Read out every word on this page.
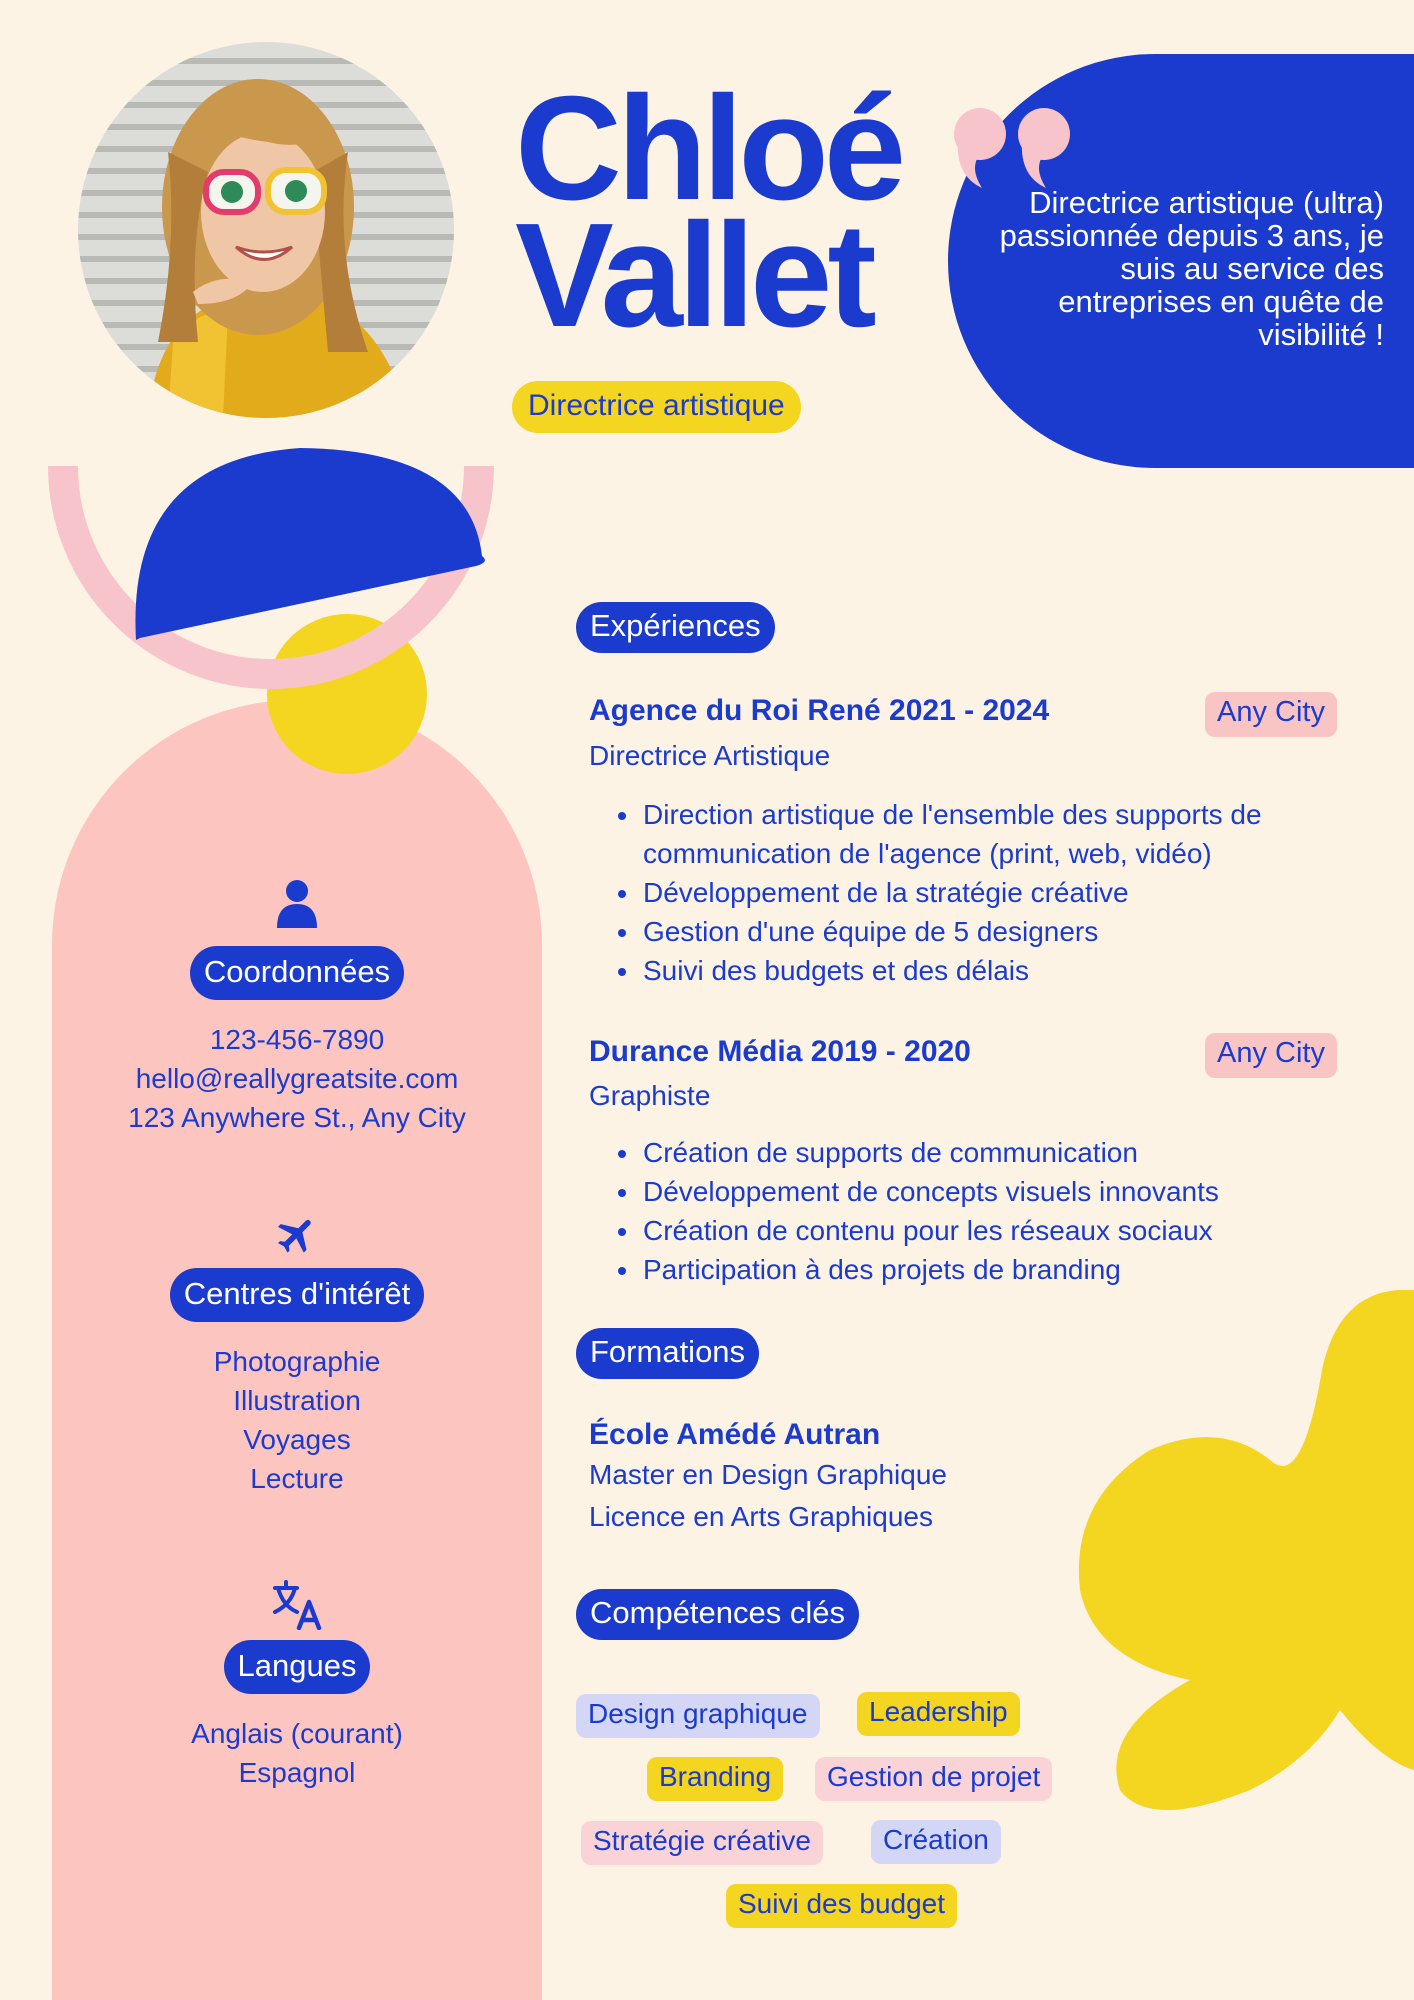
Chloé
Vallet
Directrice artistique
Directrice artistique (ultra) passionnée depuis 3 ans, je suis au service des entreprises en quête de visibilité !
Coordonnées
123-456-7890
hello@reallygreatsite.com
123 Anywhere St., Any City
Centres d'intérêt
Photographie
Illustration
Voyages
Lecture
Langues
Anglais (courant)
Espagnol
Expériences
Agence du Roi René 2021 - 2024	Any City
Directrice Artistique
• Direction artistique de l'ensemble des supports de communication de l'agence (print, web, vidéo)
• Développement de la stratégie créative
• Gestion d'une équipe de 5 designers
• Suivi des budgets et des délais
Durance Média 2019 - 2020	Any City
Graphiste
• Création de supports de communication
• Développement de concepts visuels innovants
• Création de contenu pour les réseaux sociaux
• Participation à des projets de branding
Formations
École Amédé Autran
Master en Design Graphique
Licence en Arts Graphiques
Compétences clés
Design graphique	Leadership
Branding	Gestion de projet
Stratégie créative	Création
Suivi des budget
